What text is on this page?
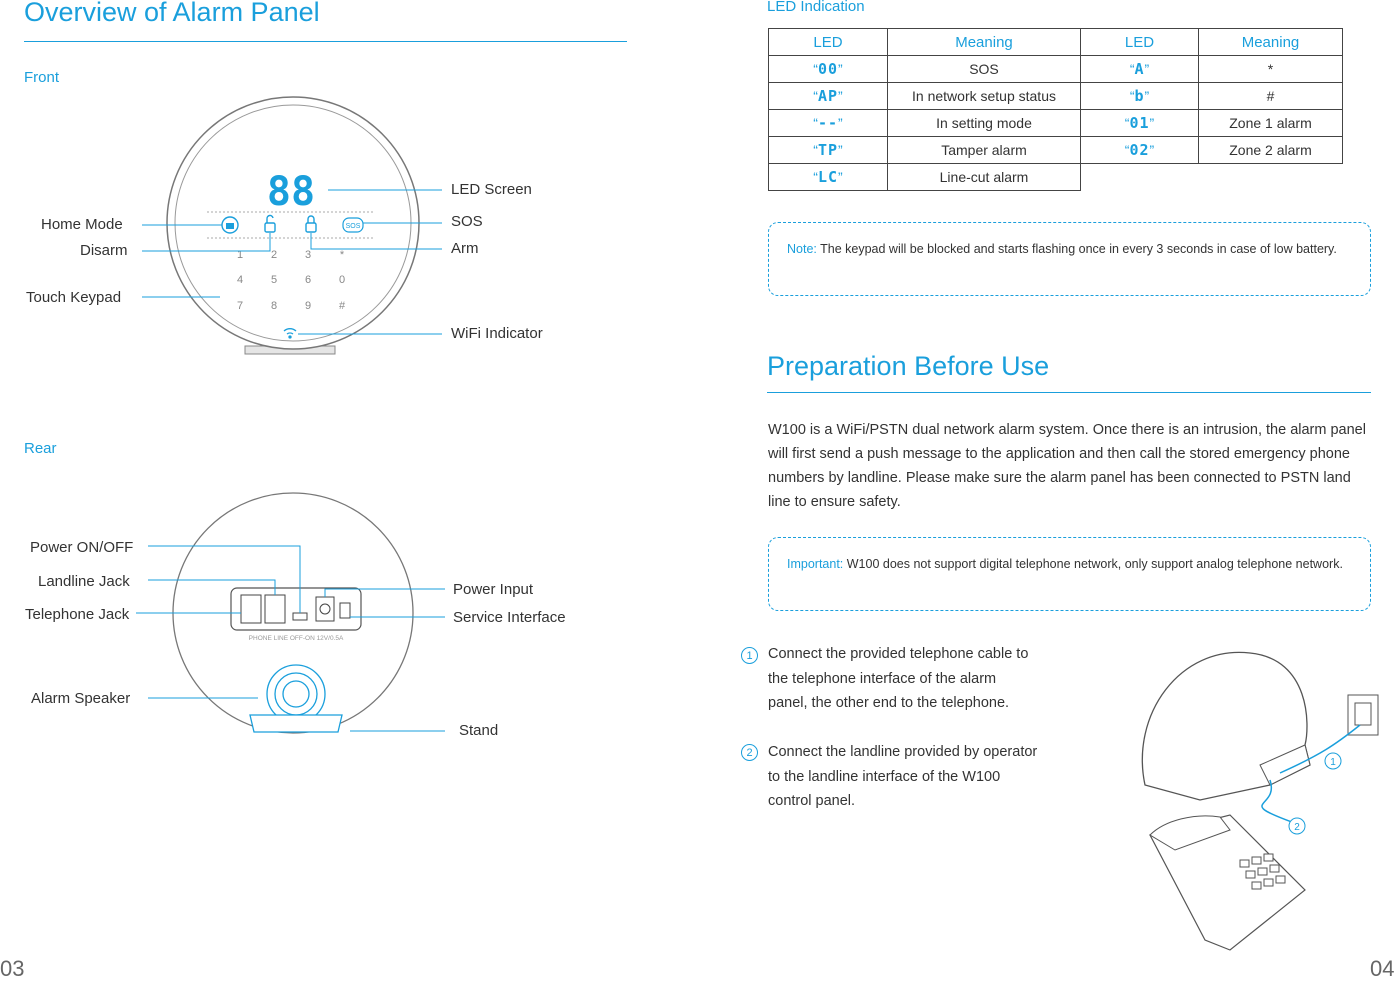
Overview of Alarm Panel
Front
SOS
88
1	2	3	*
4	5	6	0
7	8	9	#
LED Screen
SOS
Arm
Home Mode
Disarm
Touch Keypad
WiFi Indicator
Rear
PHONE LINE OFF-ON 12V/0.5A
Power ON/OFF
Landline Jack
Telephone Jack
Power Input
Service Interface
Alarm Speaker
Stand
03
LED Indication
LED	Meaning	LED	Meaning
“00”	SOS	“A”	*
“AP”	In network setup status	“b”	#
“--”	In setting mode	“01”	Zone 1 alarm
“TP”	Tamper alarm	“02”	Zone 2 alarm
“LC”	Line-cut alarm		
Note: The keypad will be blocked and starts flashing once in every 3 seconds in case of low battery.
Preparation Before Use
W100 is a WiFi/PSTN dual network alarm system. Once there is an intrusion, the alarm panel will first send a push message to the application and then call the stored emergency phone numbers by landline. Please make sure the alarm panel has been connected to PSTN land line to ensure safety.
Important: W100 does not support digital telephone network, only support analog telephone network.
1	Connect the provided telephone cable to the telephone interface of the alarm panel, the other end to the telephone.
2	Connect the landline provided by operator to the landline interface of the W100 control panel.
1
2
04
